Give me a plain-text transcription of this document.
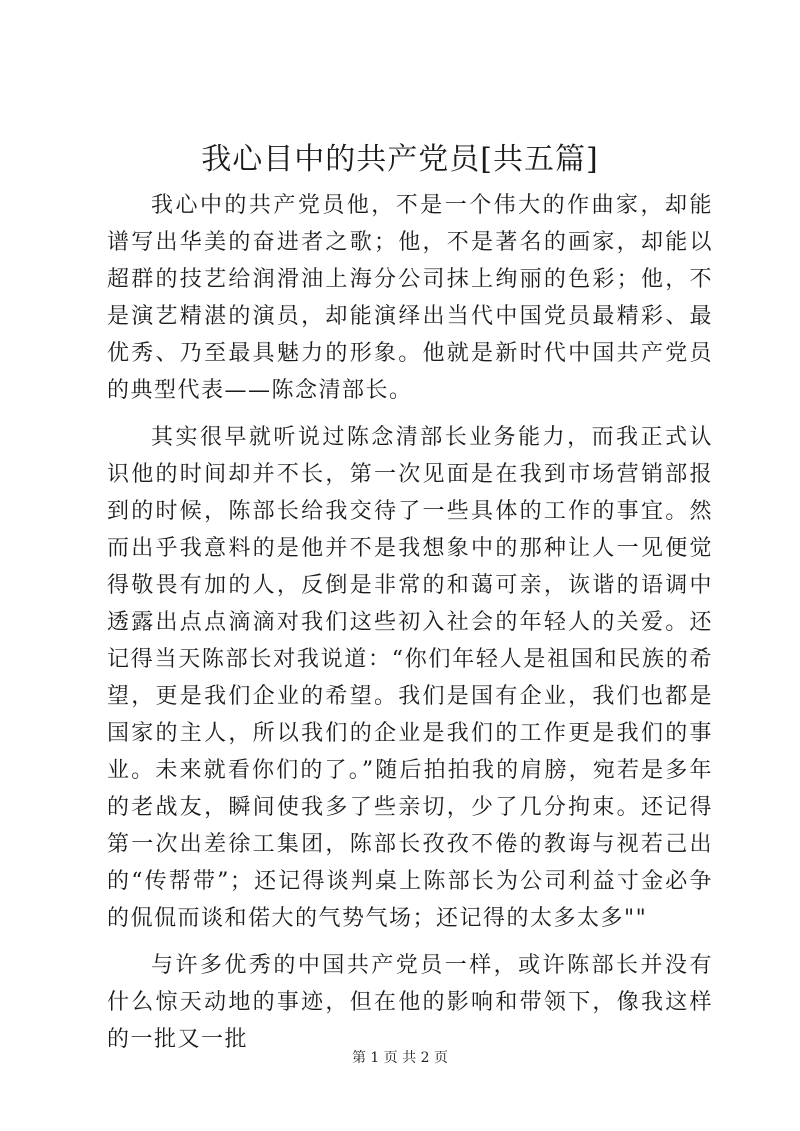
我心目中的共产党员[共五篇]

我心中的共产党员他，不是一个伟大的作曲家，却能谱写出华美的奋进者之歌；他，不是著名的画家，却能以超群的技艺给润滑油上海分公司抹上绚丽的色彩；他，不是演艺精湛的演员，却能演绎出当代中国党员最精彩、最优秀、乃至最具魅力的形象。他就是新时代中国共产党员的典型代表——陈念清部长。

其实很早就听说过陈念清部长业务能力，而我正式认识他的时间却并不长，第一次见面是在我到市场营销部报到的时候，陈部长给我交待了一些具体的工作的事宜。然而出乎我意料的是他并不是我想象中的那种让人一见便觉得敬畏有加的人，反倒是非常的和蔼可亲，诙谐的语调中透露出点点滴滴对我们这些初入社会的年轻人的关爱。还记得当天陈部长对我说道：“你们年轻人是祖国和民族的希望，更是我们企业的希望。我们是国有企业，我们也都是国家的主人，所以我们的企业是我们的工作更是我们的事业。未来就看你们的了。”随后拍拍我的肩膀，宛若是多年的老战友，瞬间使我多了些亲切，少了几分拘束。还记得第一次出差徐工集团，陈部长孜孜不倦的教诲与视若己出的“传帮带”；还记得谈判桌上陈部长为公司利益寸金必争的侃侃而谈和偌大的气势气场；还记得的太多太多""

与许多优秀的中国共产党员一样，或许陈部长并没有什么惊天动地的事迹，但在他的影响和带领下，像我这样的一批又一批

第 1 页 共 2 页
